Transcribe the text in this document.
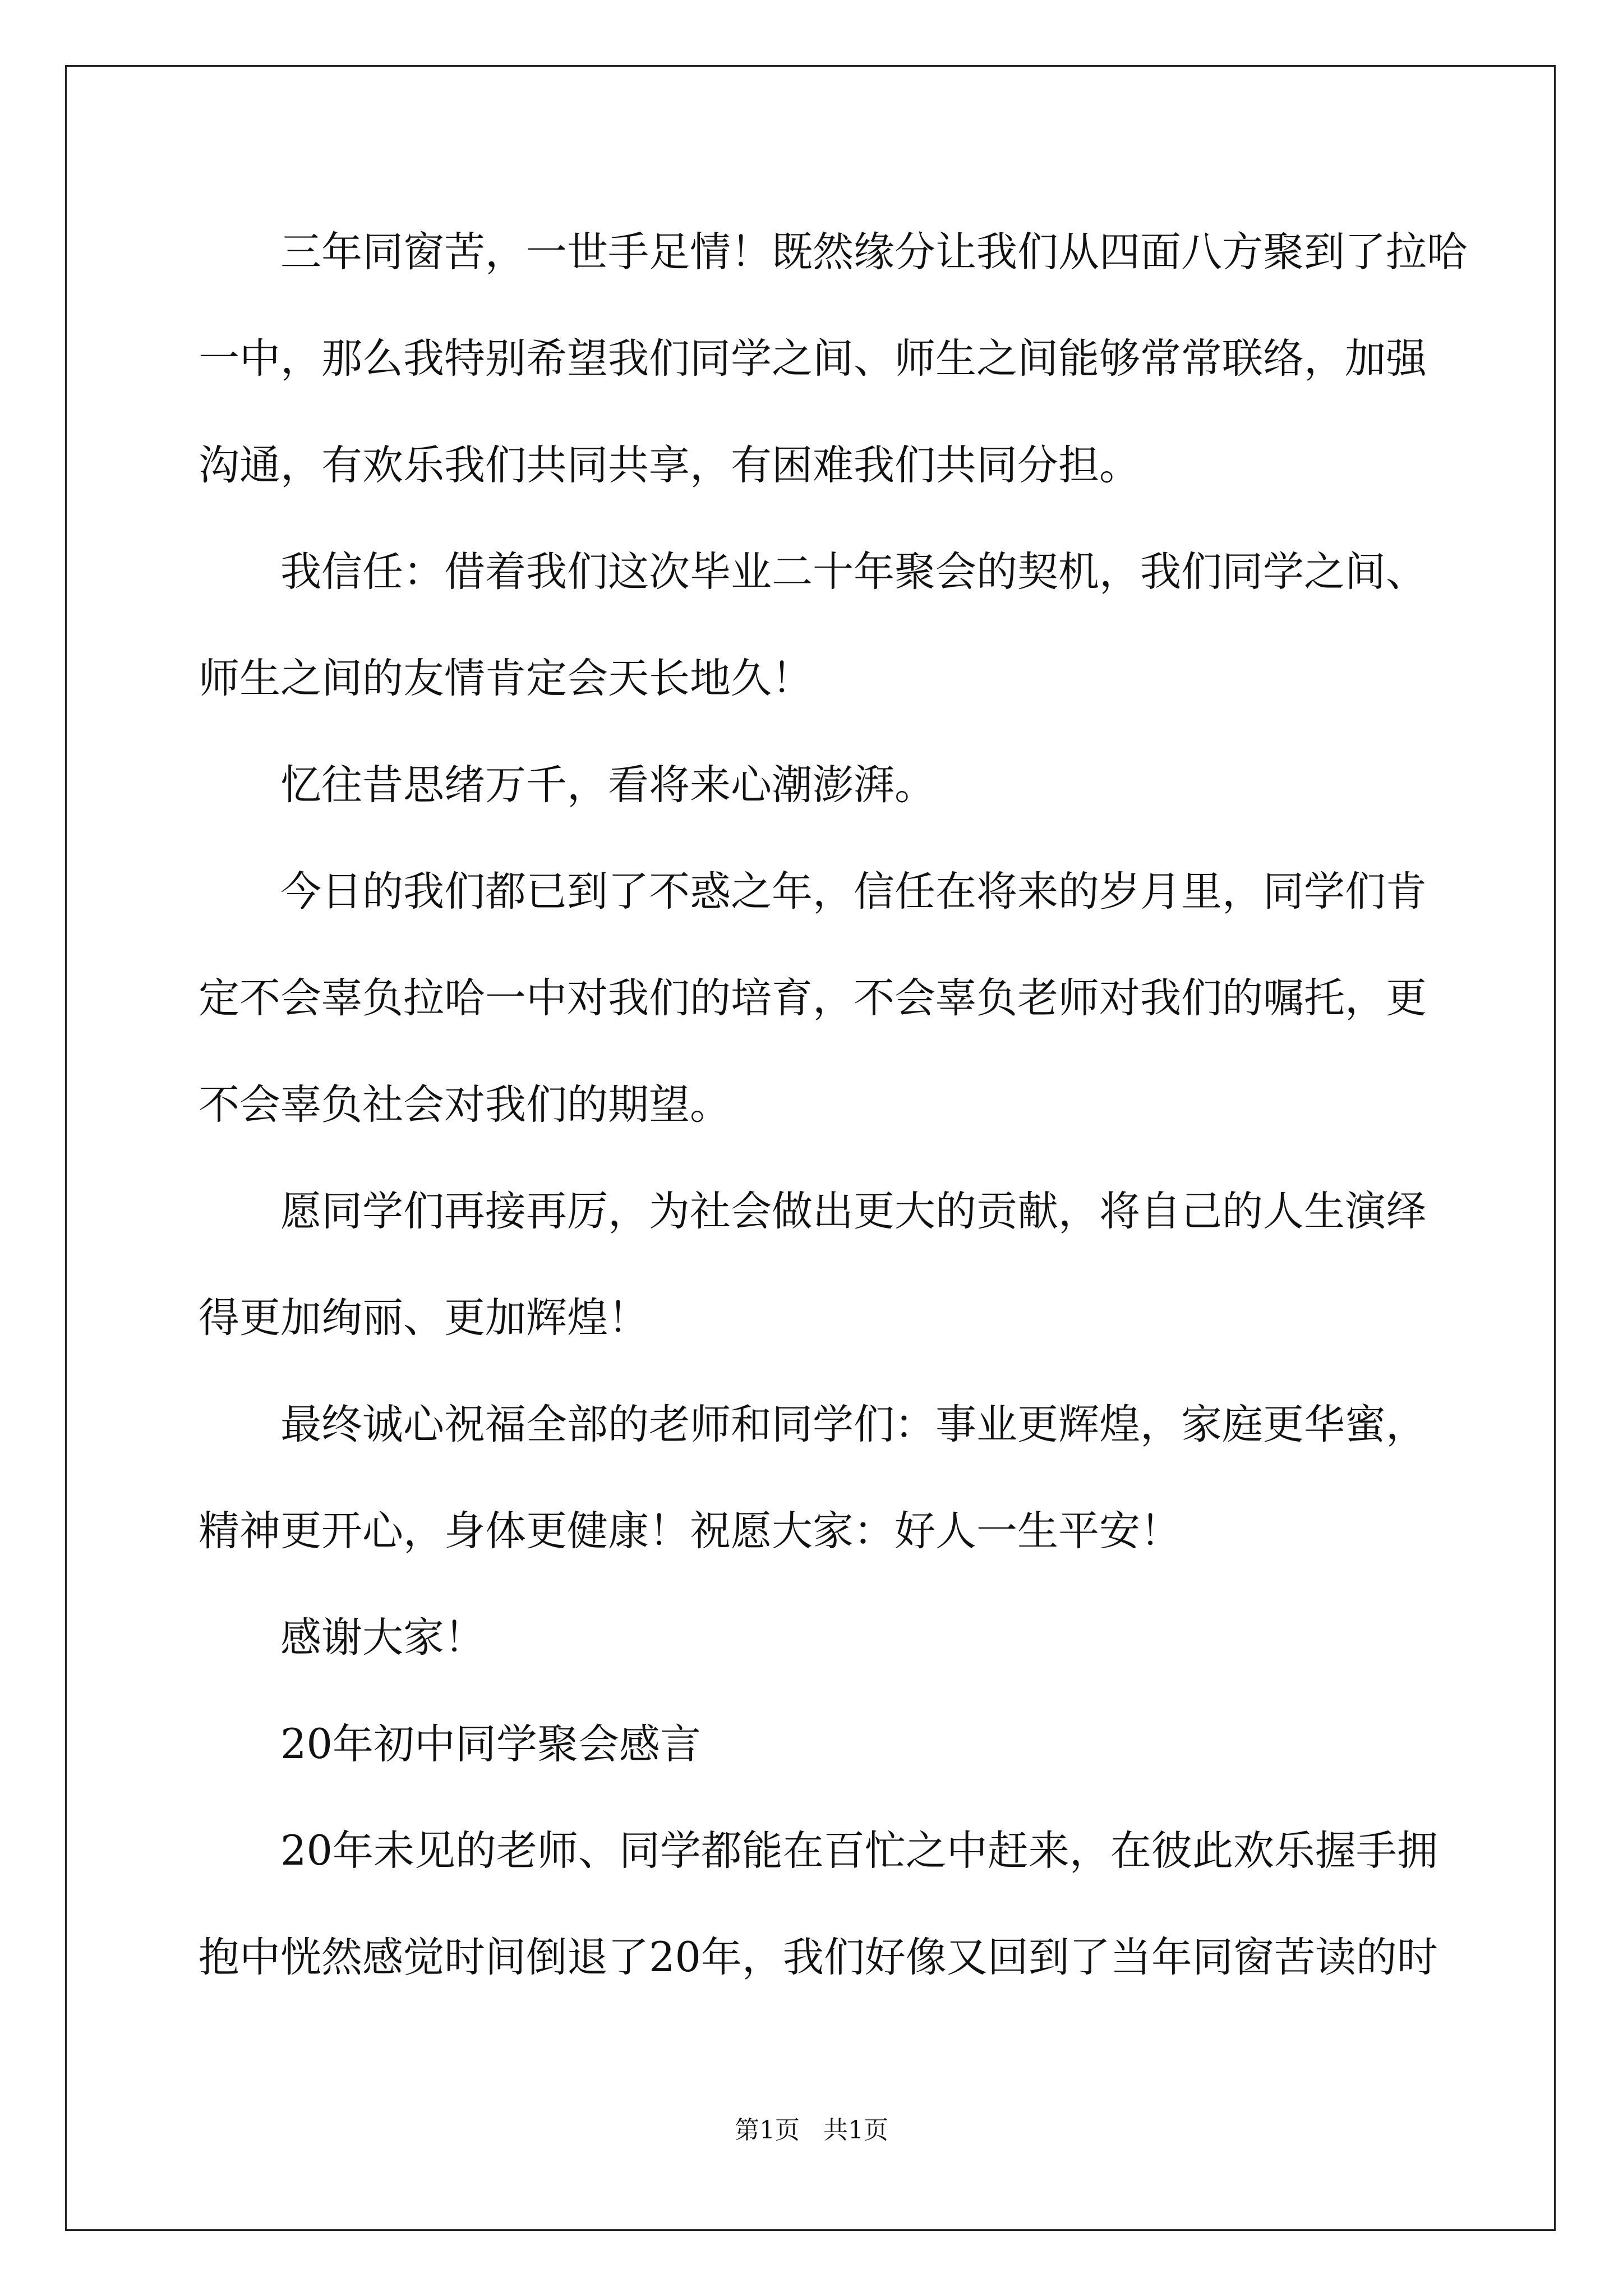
三年同窗苦，一世手足情！既然缘分让我们从四面八方聚到了拉哈
一中，那么我特别希望我们同学之间、师生之间能够常常联络，加强
沟通，有欢乐我们共同共享，有困难我们共同分担。
我信任：借着我们这次毕业二十年聚会的契机，我们同学之间、
师生之间的友情肯定会天长地久！
忆往昔思绪万千，看将来心潮澎湃。
今日的我们都已到了不惑之年，信任在将来的岁月里，同学们肯
定不会辜负拉哈一中对我们的培育，不会辜负老师对我们的嘱托，更
不会辜负社会对我们的期望。
愿同学们再接再厉，为社会做出更大的贡献，将自己的人生演绎
得更加绚丽、更加辉煌！
最终诚心祝福全部的老师和同学们：事业更辉煌，家庭更华蜜，
精神更开心，身体更健康！祝愿大家：好人一生平安！
感谢大家！
20年初中同学聚会感言
20年未见的老师、同学都能在百忙之中赶来，在彼此欢乐握手拥
抱中恍然感觉时间倒退了20年，我们好像又回到了当年同窗苦读的时
第1页   共1页
